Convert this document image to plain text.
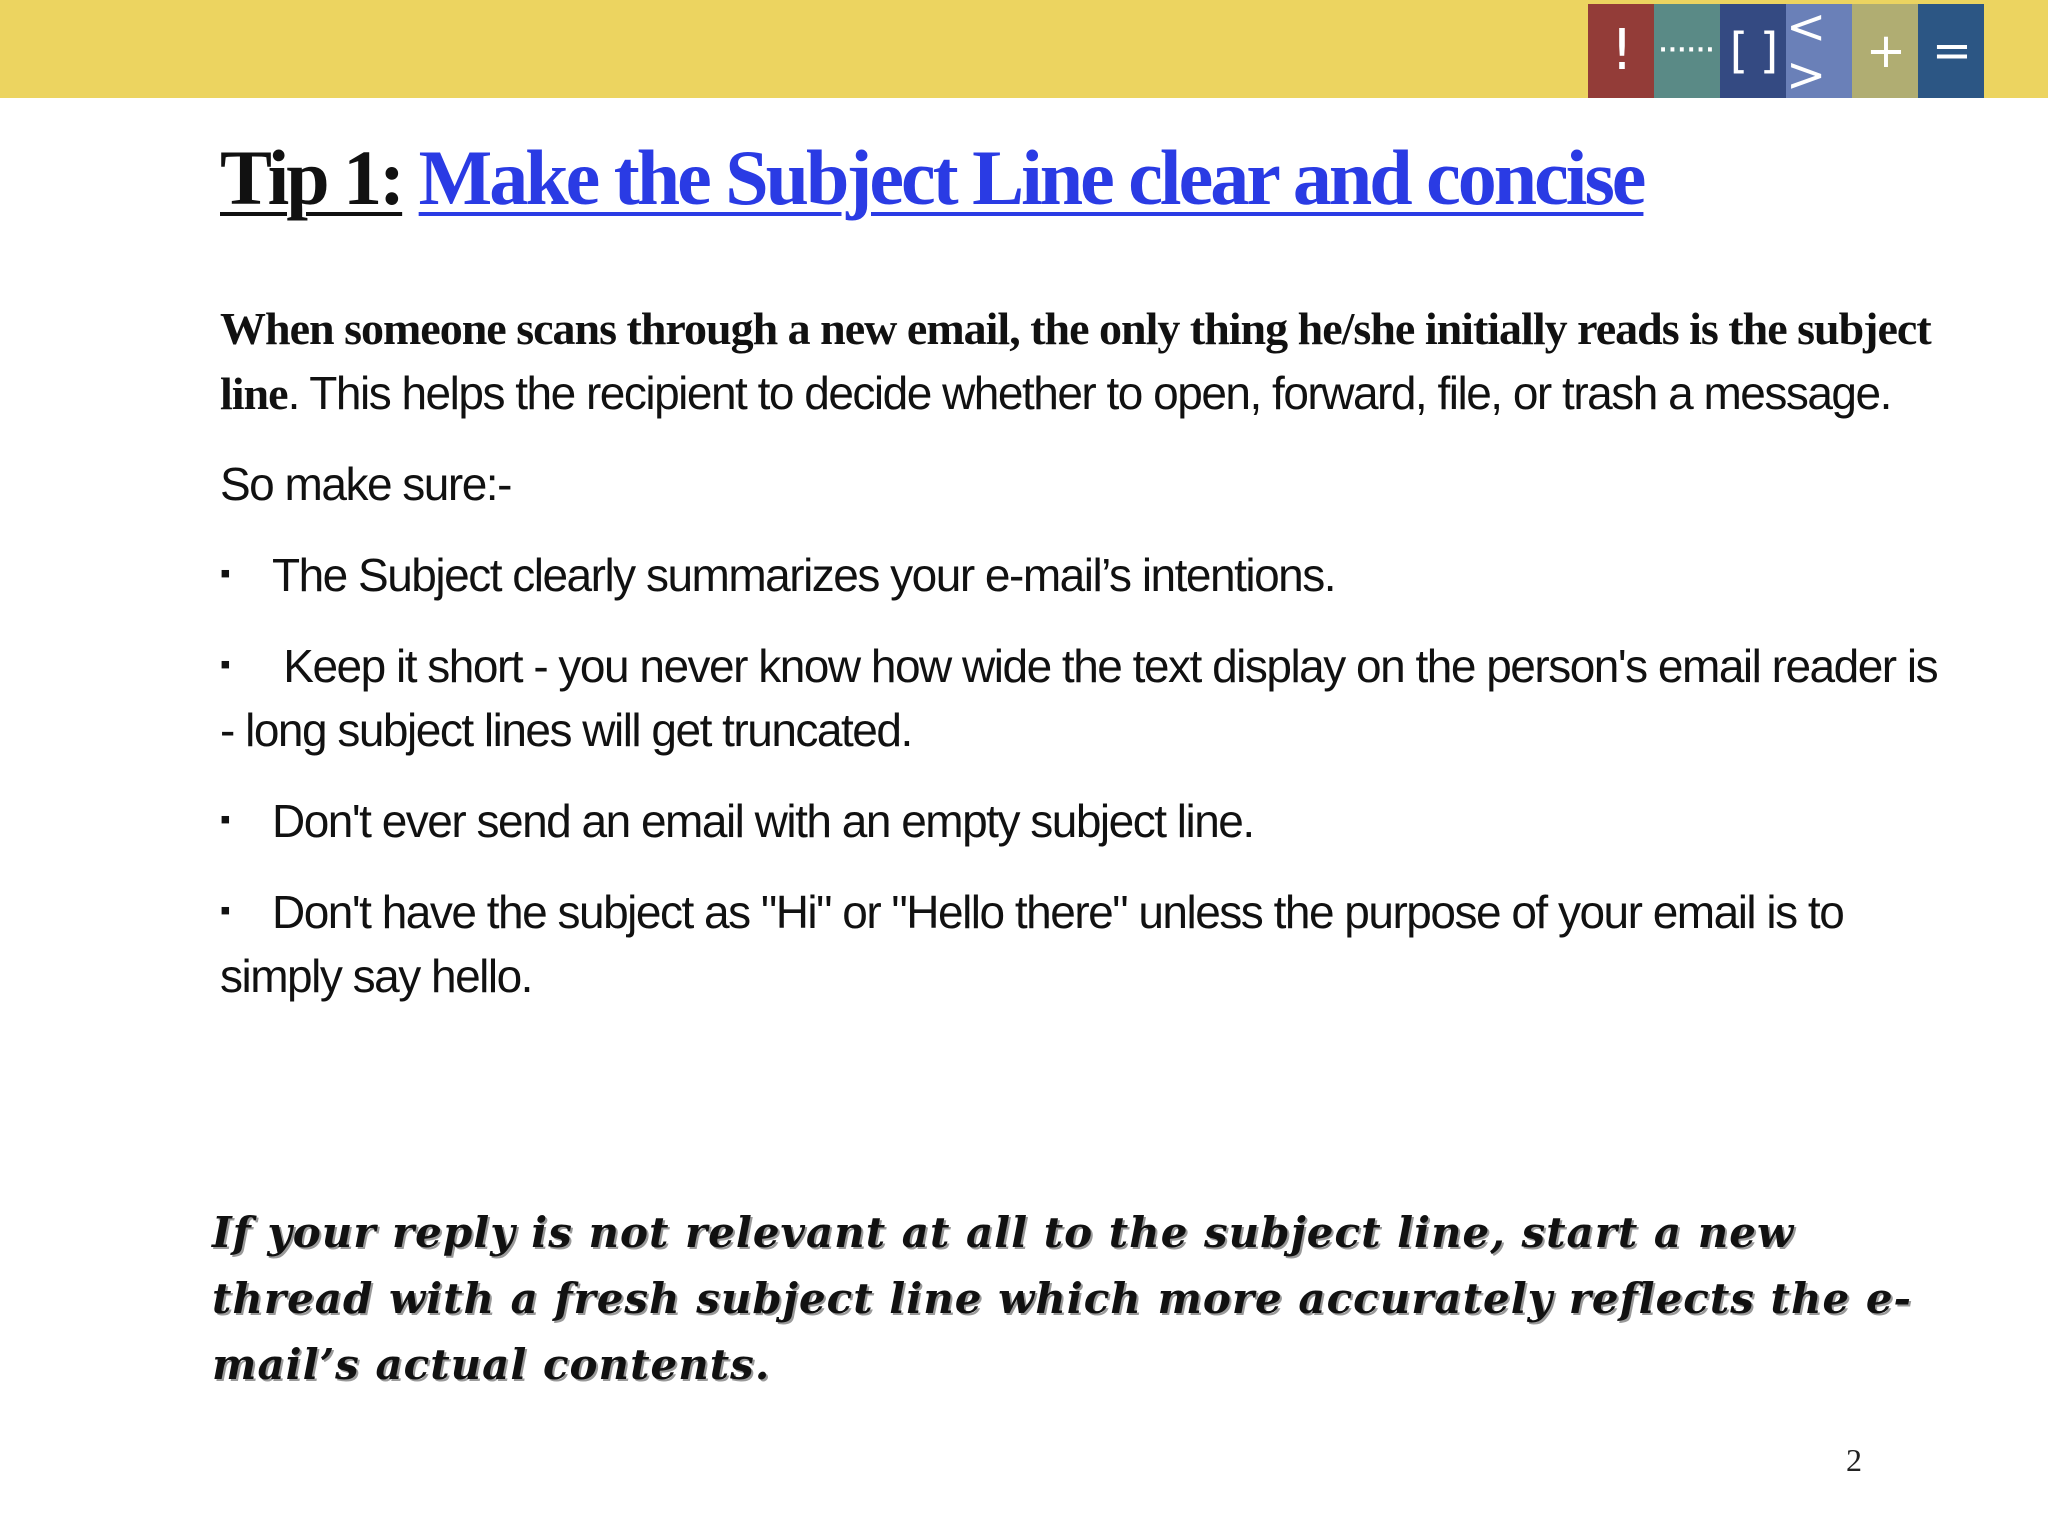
!	······ [ ] < > + =
Tip 1: Make the Subject Line clear and concise
When someone scans through a new email, the only thing he/she initially reads is the subject line. This helps the recipient to decide whether to open, forward, file, or trash a message.
So make sure:-
▪ The Subject clearly summarizes your e-mail’s intentions.
▪ Keep it short - you never know how wide the text display on the person's email reader is - long subject lines will get truncated.
▪ Don't ever send an email with an empty subject line.
▪ Don't have the subject as "Hi" or "Hello there" unless the purpose of your email is to simply say hello.
If your reply is not relevant at all to the subject line, start a new thread with a fresh subject line which more accurately reflects the e-mail’s actual contents.
2
